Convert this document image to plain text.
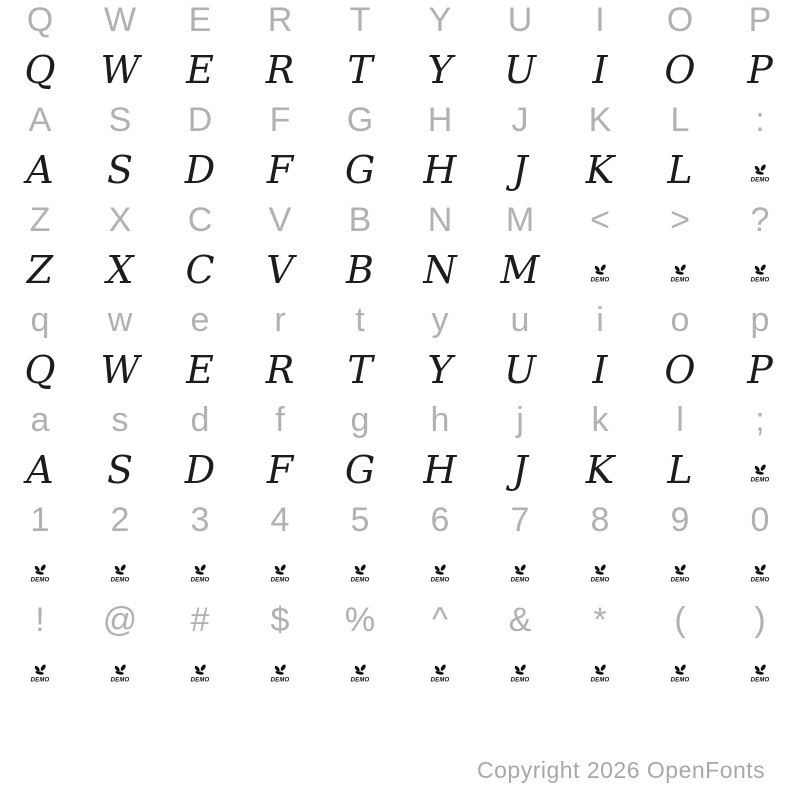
Q	W	E	R	T	Y	U	I	O	P
Q	W	E	R	T	Y	U	I	O	P
A	S	D	F	G	H	J	K	L	:
A	S	D	F	G	H	J	K	L	DEMO
Z	X	C	V	B	N	M	<	>	?
Z	X	C	V	B	N	M	DEMO	DEMO	DEMO
q	w	e	r	t	y	u	i	o	p
Q	W	E	R	T	Y	U	I	O	P
a	s	d	f	g	h	j	k	l	;
A	S	D	F	G	H	J	K	L	DEMO
1	2	3	4	5	6	7	8	9	0
DEMO	DEMO	DEMO	DEMO	DEMO	DEMO	DEMO	DEMO	DEMO	DEMO
!	@	#	$	%	^	&	*	(	)
DEMO	DEMO	DEMO	DEMO	DEMO	DEMO	DEMO	DEMO	DEMO	DEMO
Copyright 2026 OpenFonts
